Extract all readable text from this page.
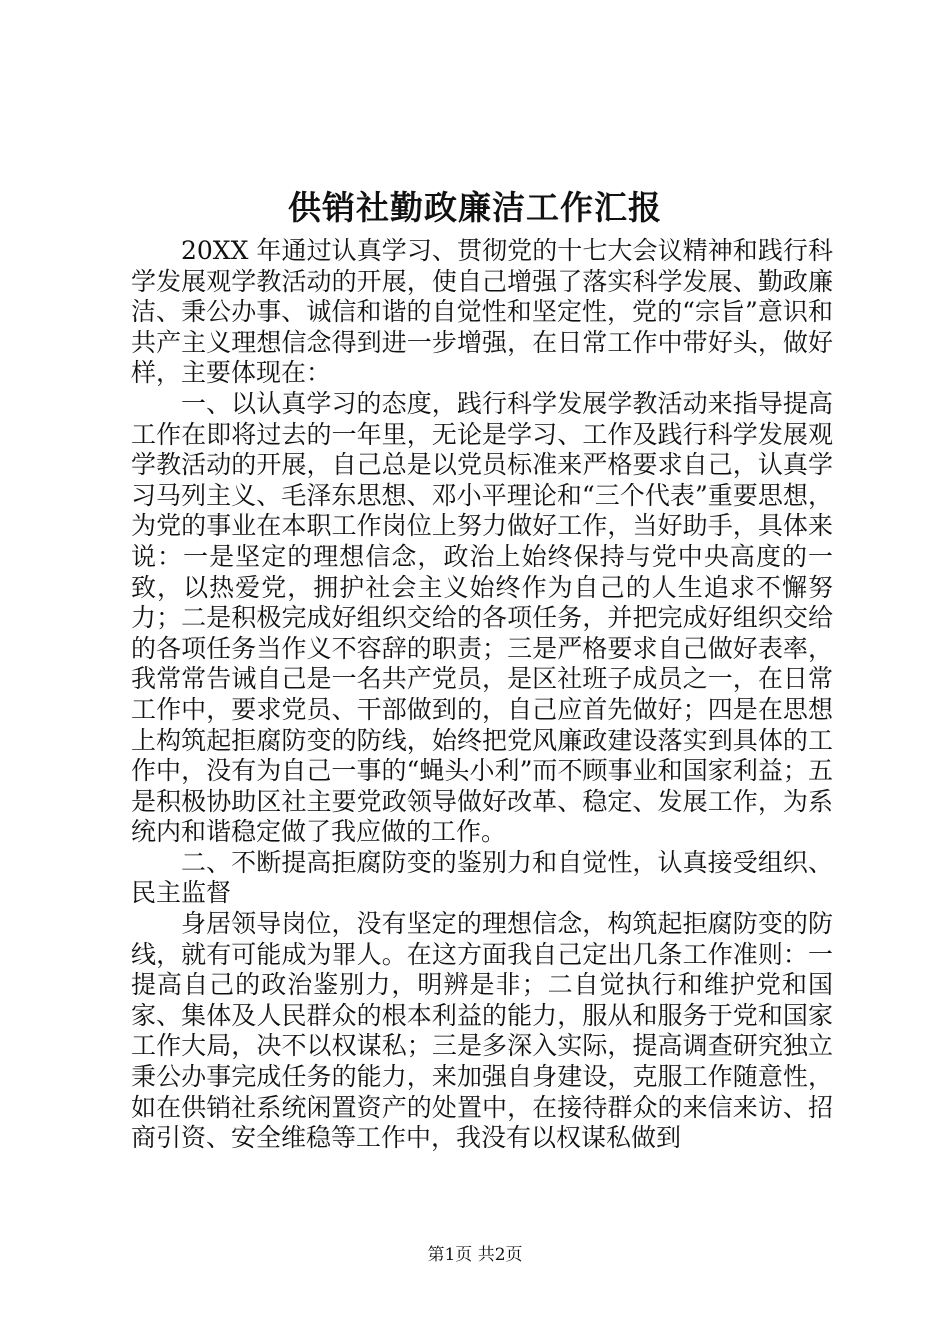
供销社勤政廉洁工作汇报

20XX 年通过认真学习、贯彻党的十七大会议精神和践行科学发展观学教活动的开展，使自己增强了落实科学发展、勤政廉洁、秉公办事、诚信和谐的自觉性和坚定性，党的“宗旨”意识和共产主义理想信念得到进一步增强，在日常工作中带好头，做好样，主要体现在：

一、以认真学习的态度，践行科学发展学教活动来指导提高工作在即将过去的一年里，无论是学习、工作及践行科学发展观学教活动的开展，自己总是以党员标准来严格要求自己，认真学习马列主义、毛泽东思想、邓小平理论和“三个代表”重要思想，为党的事业在本职工作岗位上努力做好工作，当好助手，具体来说：一是坚定的理想信念，政治上始终保持与党中央高度的一致，以热爱党，拥护社会主义始终作为自己的人生追求不懈努力；二是积极完成好组织交给的各项任务，并把完成好组织交给的各项任务当作义不容辞的职责；三是严格要求自己做好表率，我常常告诫自己是一名共产党员，是区社班子成员之一，在日常工作中，要求党员、干部做到的，自己应首先做好；四是在思想上构筑起拒腐防变的防线，始终把党风廉政建设落实到具体的工作中，没有为自己一事的“蝇头小利”而不顾事业和国家利益；五是积极协助区社主要党政领导做好改革、稳定、发展工作，为系统内和谐稳定做了我应做的工作。

二、不断提高拒腐防变的鉴别力和自觉性，认真接受组织、民主监督

身居领导岗位，没有坚定的理想信念，构筑起拒腐防变的防线，就有可能成为罪人。在这方面我自己定出几条工作准则：一提高自己的政治鉴别力，明辨是非；二自觉执行和维护党和国家、集体及人民群众的根本利益的能力，服从和服务于党和国家工作大局，决不以权谋私；三是多深入实际，提高调查研究独立秉公办事完成任务的能力，来加强自身建设，克服工作随意性，如在供销社系统闲置资产的处置中，在接待群众的来信来访、招商引资、安全维稳等工作中，我没有以权谋私做到

第1页 共2页
